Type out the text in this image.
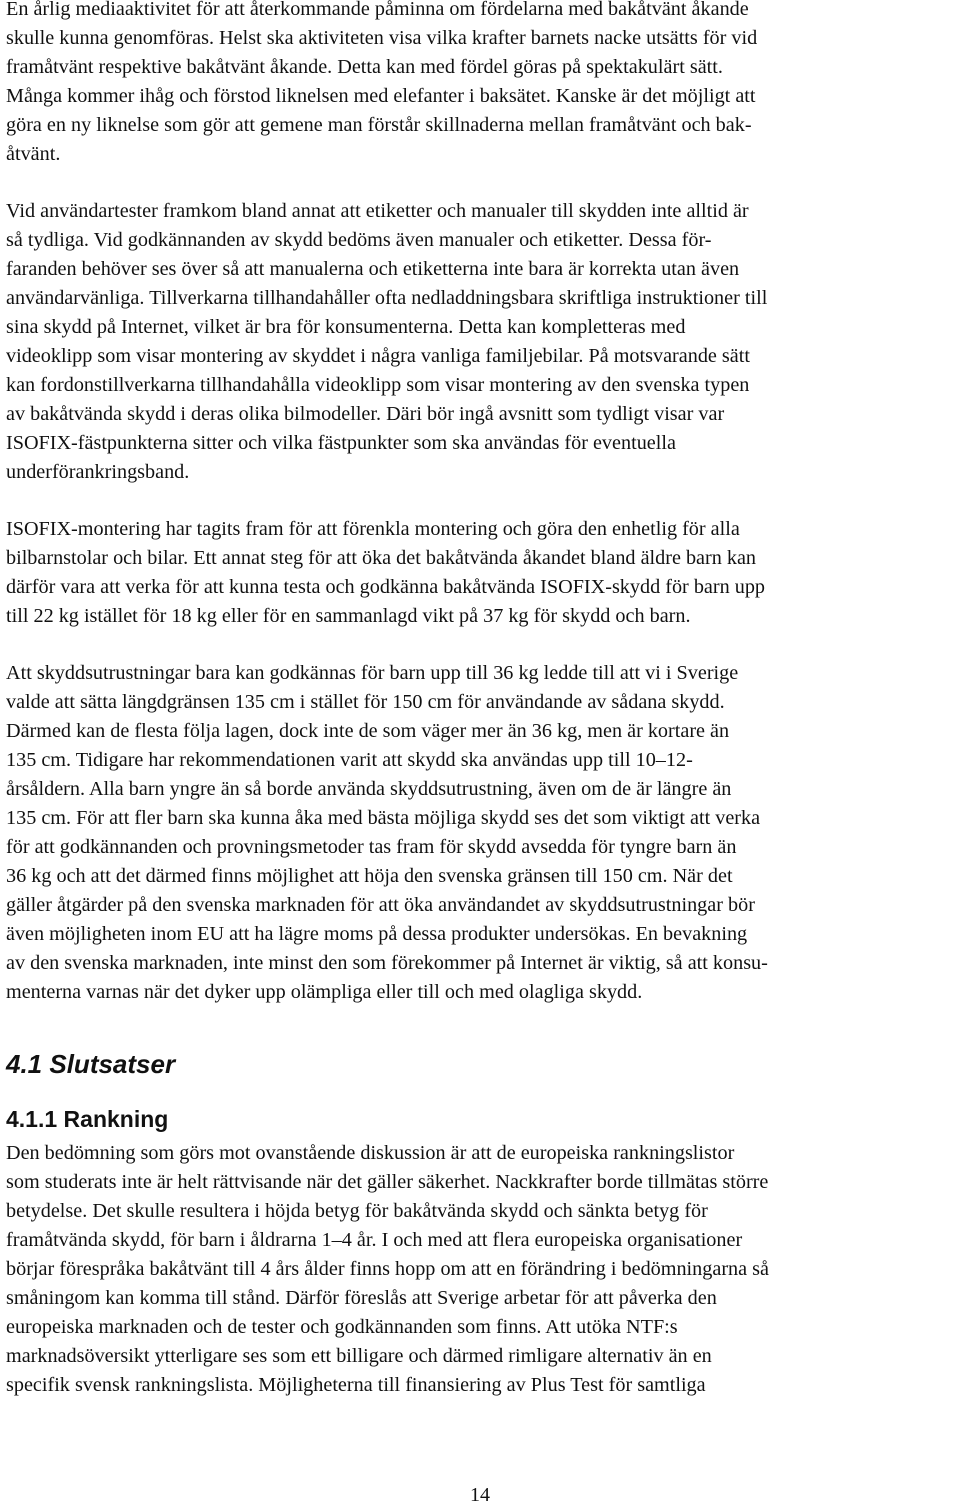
En årlig mediaaktivitet för att återkommande påminna om fördelarna med bakåtvänt åkande
skulle kunna genomföras. Helst ska aktiviteten visa vilka krafter barnets nacke utsätts för vid
framåtvänt respektive bakåtvänt åkande. Detta kan med fördel göras på spektakulärt sätt.
Många kommer ihåg och förstod liknelsen med elefanter i baksätet. Kanske är det möjligt att
göra en ny liknelse som gör att gemene man förstår skillnaderna mellan framåtvänt och bak-
åtvänt.

Vid användartester framkom bland annat att etiketter och manualer till skydden inte alltid är
så tydliga. Vid godkännanden av skydd bedöms även manualer och etiketter. Dessa för-
faranden behöver ses över så att manualerna och etiketterna inte bara är korrekta utan även
användarvänliga. Tillverkarna tillhandahåller ofta nedladdningsbara skriftliga instruktioner till
sina skydd på Internet, vilket är bra för konsumenterna. Detta kan kompletteras med
videoklipp som visar montering av skyddet i några vanliga familjebilar. På motsvarande sätt
kan fordonstillverkarna tillhandahålla videoklipp som visar montering av den svenska typen
av bakåtvända skydd i deras olika bilmodeller. Däri bör ingå avsnitt som tydligt visar var
ISOFIX-fästpunkterna sitter och vilka fästpunkter som ska användas för eventuella
underförankringsband.

ISOFIX-montering har tagits fram för att förenkla montering och göra den enhetlig för alla
bilbarnstolar och bilar. Ett annat steg för att öka det bakåtvända åkandet bland äldre barn kan
därför vara att verka för att kunna testa och godkänna bakåtvända ISOFIX-skydd för barn upp
till 22 kg istället för 18 kg eller för en sammanlagd vikt på 37 kg för skydd och barn.

Att skyddsutrustningar bara kan godkännas för barn upp till 36 kg ledde till att vi i Sverige
valde att sätta längdgränsen 135 cm i stället för 150 cm för användande av sådana skydd.
Därmed kan de flesta följa lagen, dock inte de som väger mer än 36 kg, men är kortare än
135 cm. Tidigare har rekommendationen varit att skydd ska användas upp till 10–12-
årsåldern. Alla barn yngre än så borde använda skyddsutrustning, även om de är längre än
135 cm. För att fler barn ska kunna åka med bästa möjliga skydd ses det som viktigt att verka
för att godkännanden och provningsmetoder tas fram för skydd avsedda för tyngre barn än
36 kg och att det därmed finns möjlighet att höja den svenska gränsen till 150 cm. När det
gäller åtgärder på den svenska marknaden för att öka användandet av skyddsutrustningar bör
även möjligheten inom EU att ha lägre moms på dessa produkter undersökas. En bevakning
av den svenska marknaden, inte minst den som förekommer på Internet är viktig, så att konsu-
menterna varnas när det dyker upp olämpliga eller till och med olagliga skydd.

4.1 Slutsatser
4.1.1 Rankning

Den bedömning som görs mot ovanstående diskussion är att de europeiska rankningslistor
som studerats inte är helt rättvisande när det gäller säkerhet. Nackkrafter borde tillmätas större
betydelse. Det skulle resultera i höjda betyg för bakåtvända skydd och sänkta betyg för
framåtvända skydd, för barn i åldrarna 1–4 år. I och med att flera europeiska organisationer
börjar förespråka bakåtvänt till 4 års ålder finns hopp om att en förändring i bedömningarna så
småningom kan komma till stånd. Därför föreslås att Sverige arbetar för att påverka den
europeiska marknaden och de tester och godkännanden som finns. Att utöka NTF:s
marknadsöversikt ytterligare ses som ett billigare och därmed rimligare alternativ än en
specifik svensk rankningslista. Möjligheterna till finansiering av Plus Test för samtliga

14
